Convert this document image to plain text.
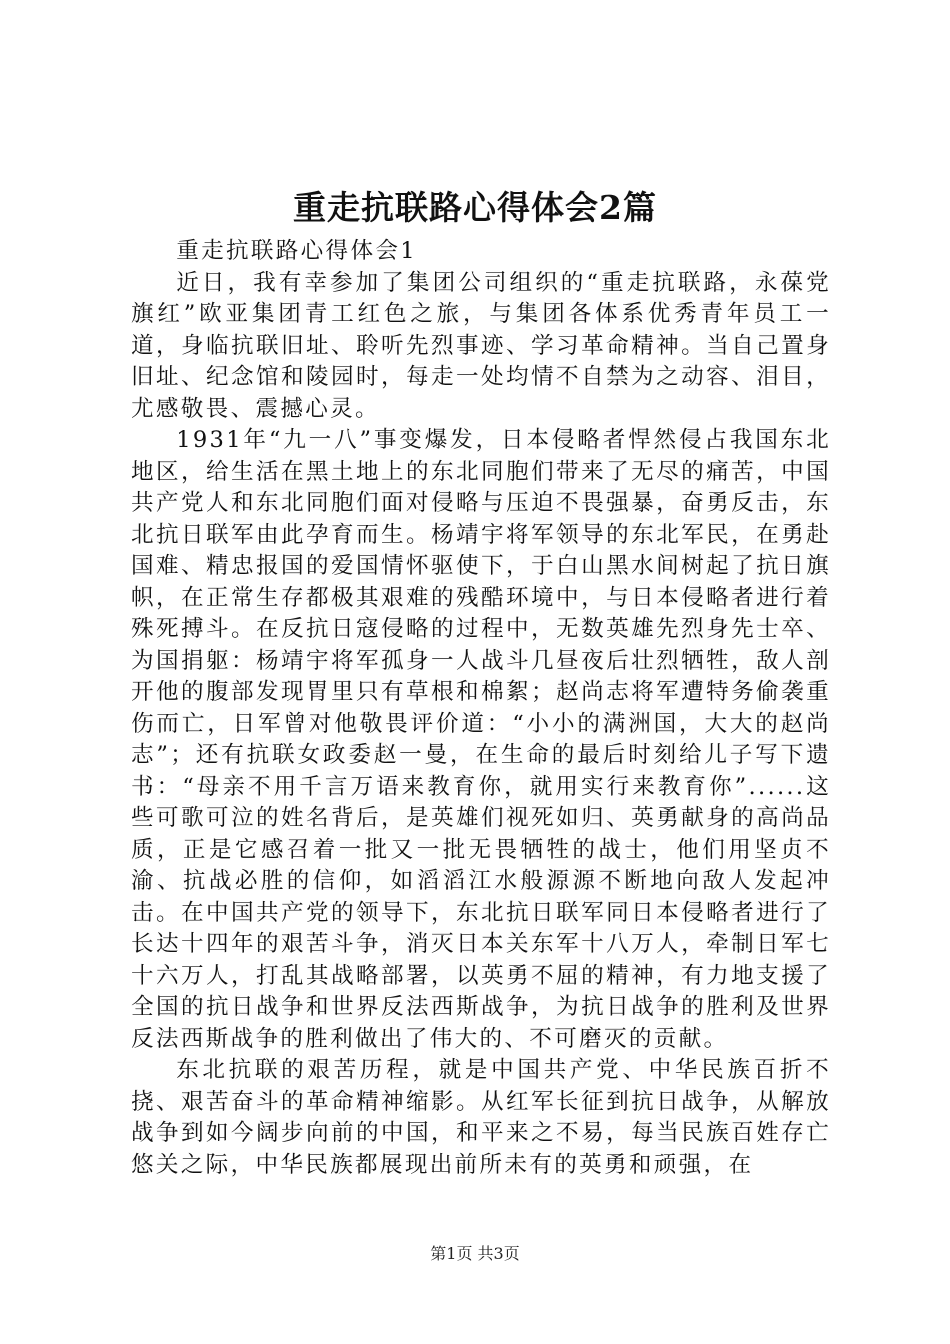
重走抗联路心得体会2篇

重走抗联路心得体会1

近日，我有幸参加了集团公司组织的“重走抗联路，永葆党旗红”欧亚集团青工红色之旅，与集团各体系优秀青年员工一道，身临抗联旧址、聆听先烈事迹、学习革命精神。当自己置身旧址、纪念馆和陵园时，每走一处均情不自禁为之动容、泪目，尤感敬畏、震撼心灵。

1931年“九一八”事变爆发，日本侵略者悍然侵占我国东北地区，给生活在黑土地上的东北同胞们带来了无尽的痛苦，中国共产党人和东北同胞们面对侵略与压迫不畏强暴，奋勇反击，东北抗日联军由此孕育而生。杨靖宇将军领导的东北军民，在勇赴国难、精忠报国的爱国情怀驱使下，于白山黑水间树起了抗日旗帜，在正常生存都极其艰难的残酷环境中，与日本侵略者进行着殊死搏斗。在反抗日寇侵略的过程中，无数英雄先烈身先士卒、为国捐躯：杨靖宇将军孤身一人战斗几昼夜后壮烈牺牲，敌人剖开他的腹部发现胃里只有草根和棉絮；赵尚志将军遭特务偷袭重伤而亡，日军曾对他敬畏评价道：“小小的满洲国，大大的赵尚志”；还有抗联女政委赵一曼，在生命的最后时刻给儿子写下遗书：“母亲不用千言万语来教育你，就用实行来教育你”......这些可歌可泣的姓名背后，是英雄们视死如归、英勇献身的高尚品质，正是它感召着一批又一批无畏牺牲的战士，他们用坚贞不渝、抗战必胜的信仰，如滔滔江水般源源不断地向敌人发起冲击。在中国共产党的领导下，东北抗日联军同日本侵略者进行了长达十四年的艰苦斗争，消灭日本关东军十八万人，牵制日军七十六万人，打乱其战略部署，以英勇不屈的精神，有力地支援了全国的抗日战争和世界反法西斯战争，为抗日战争的胜利及世界反法西斯战争的胜利做出了伟大的、不可磨灭的贡献。

东北抗联的艰苦历程，就是中国共产党、中华民族百折不挠、艰苦奋斗的革命精神缩影。从红军长征到抗日战争，从解放战争到如今阔步向前的中国，和平来之不易，每当民族百姓存亡悠关之际，中华民族都展现出前所未有的英勇和顽强，在

第1页 共3页
